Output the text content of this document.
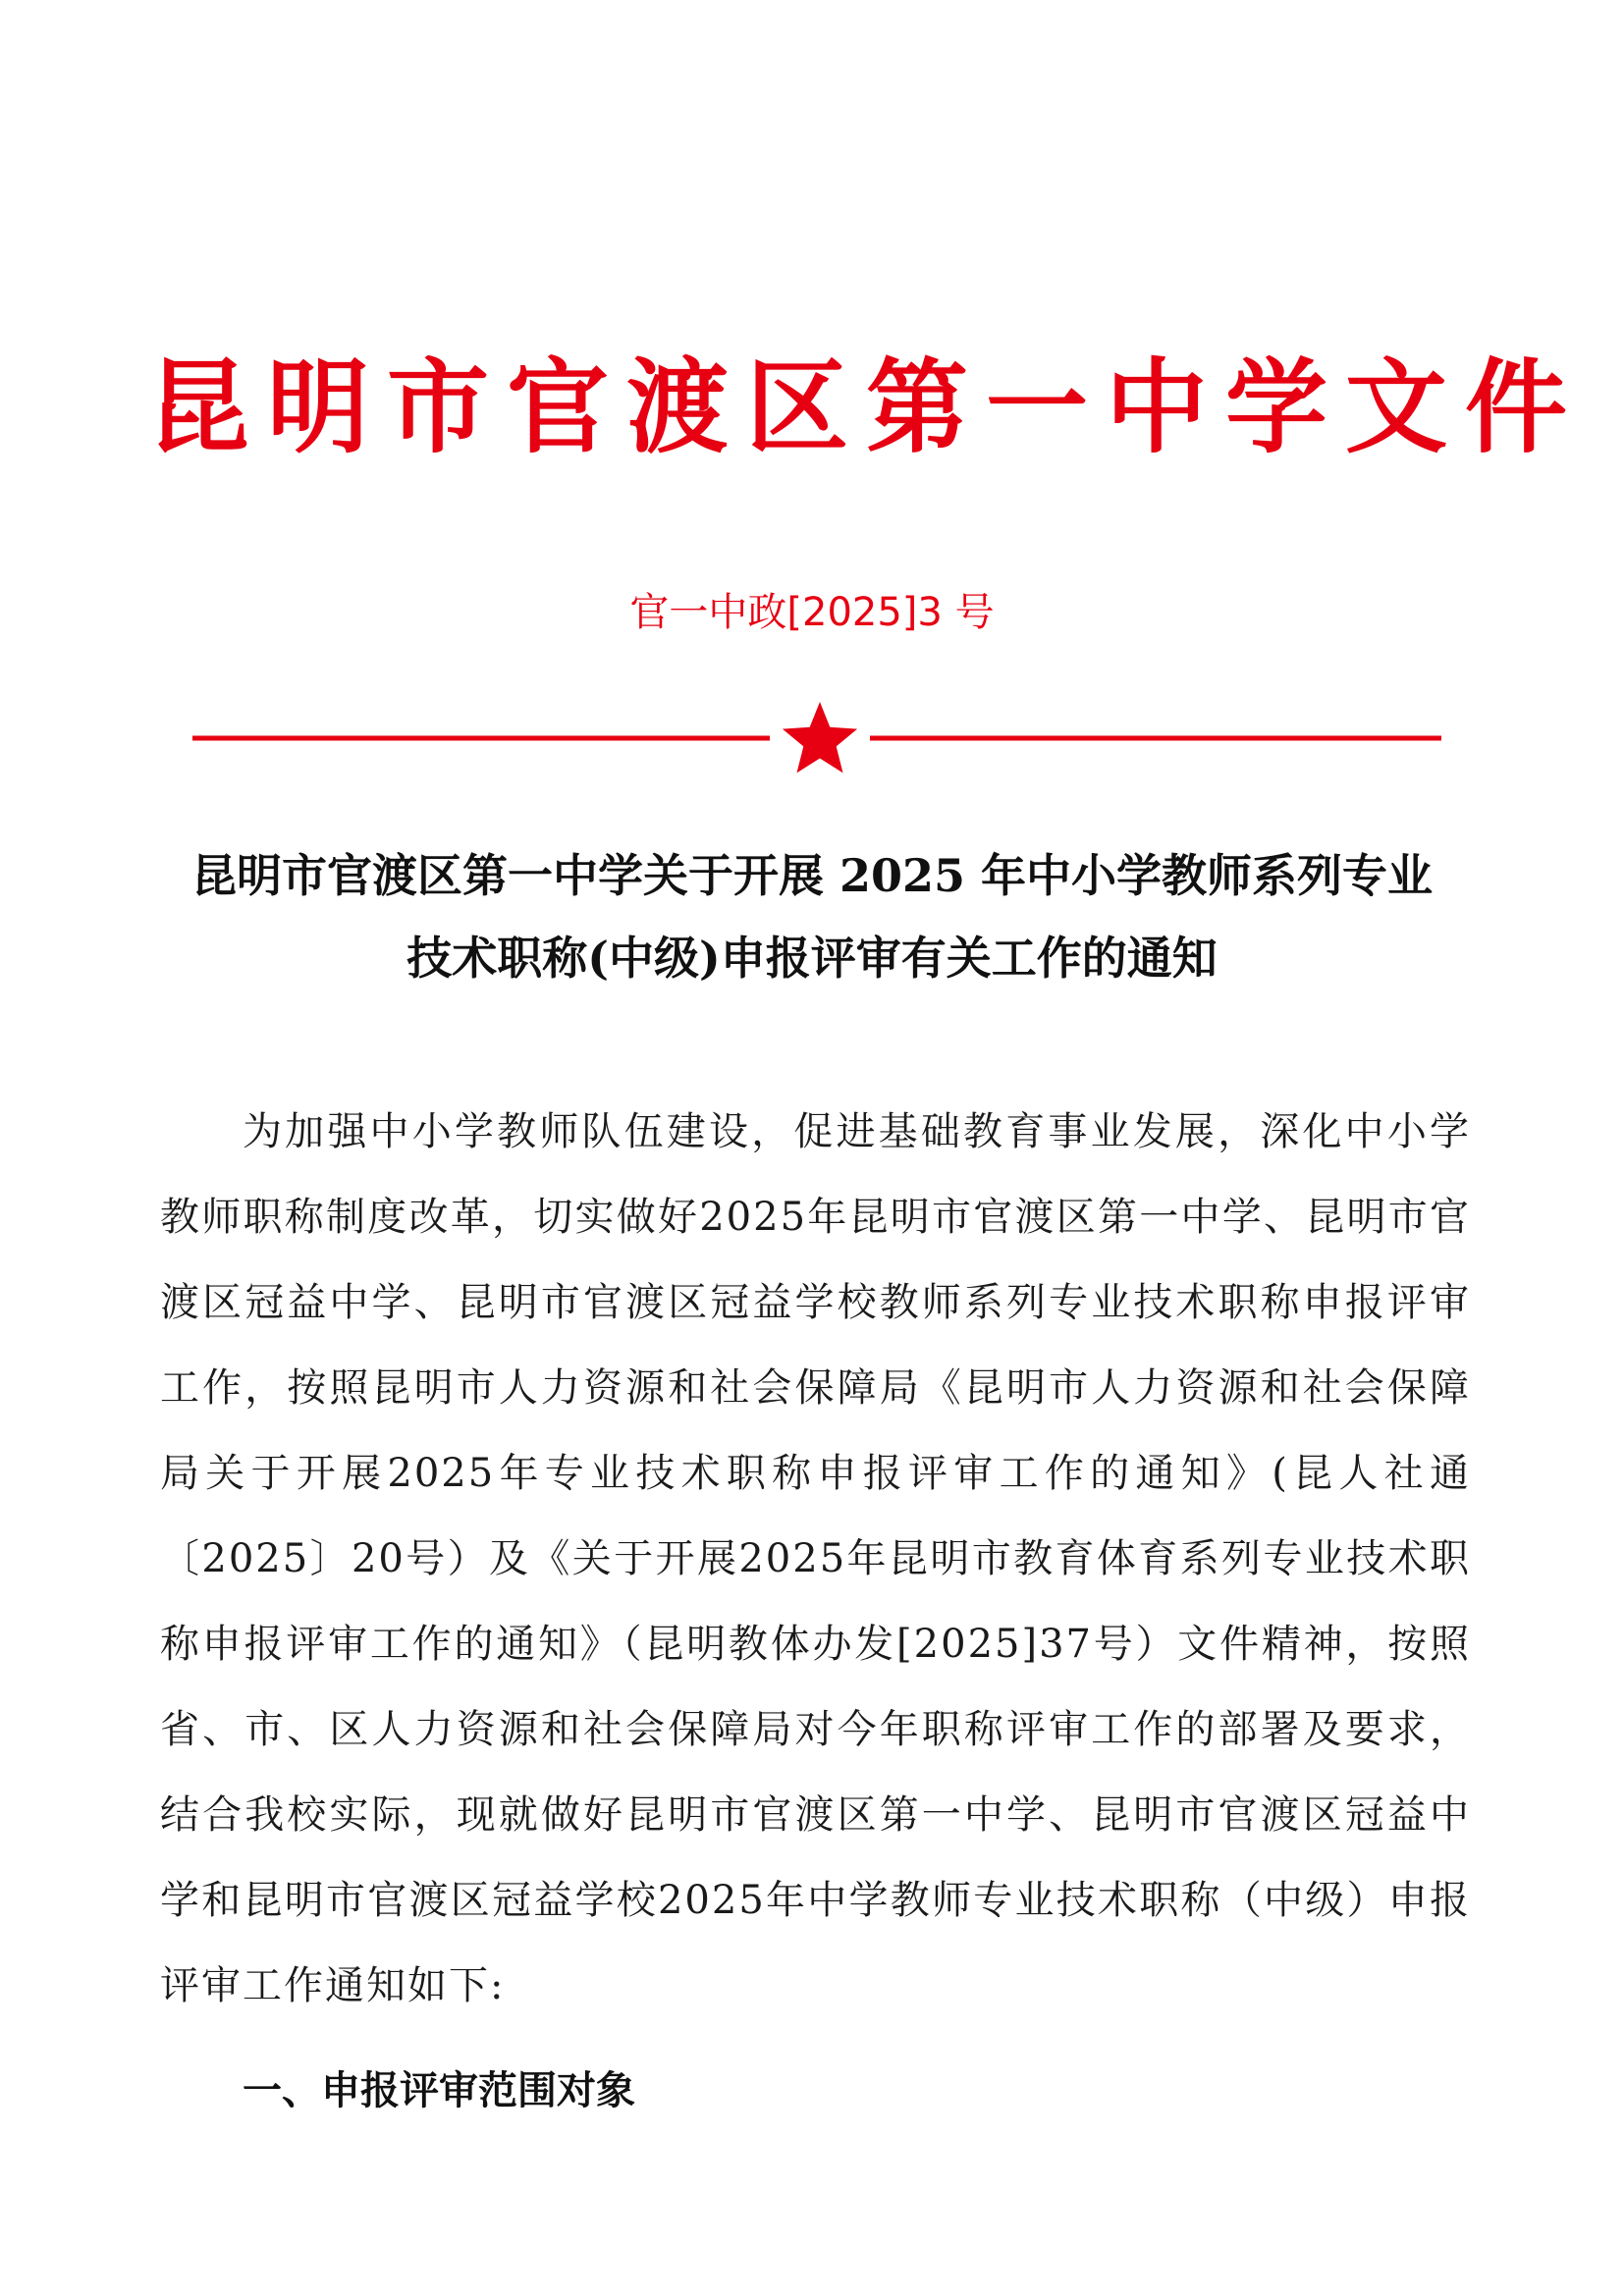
昆明市官渡区第一中学文件
官一中政[2025]3 号
昆明市官渡区第一中学关于开展 2025 年中小学教师系列专业
技术职称(中级)申报评审有关工作的通知
为加强中小学教师队伍建设，促进基础教育事业发展，深化中小学教师职称制度改革，切实做好2025年昆明市官渡区第一中学、昆明市官渡区冠益中学、昆明市官渡区冠益学校教师系列专业技术职称申报评审工作，按照昆明市人力资源和社会保障局《昆明市人力资源和社会保障局关于开展2025年专业技术职称申报评审工作的通知》(昆人社通〔2025〕20号）及《关于开展2025年昆明市教育体育系列专业技术职称申报评审工作的通知》（昆明教体办发[2025]37号）文件精神，按照省、市、区人力资源和社会保障局对今年职称评审工作的部署及要求，结合我校实际，现就做好昆明市官渡区第一中学、昆明市官渡区冠益中学和昆明市官渡区冠益学校2025年中学教师专业技术职称（中级）申报评审工作通知如下:
一、申报评审范围对象
